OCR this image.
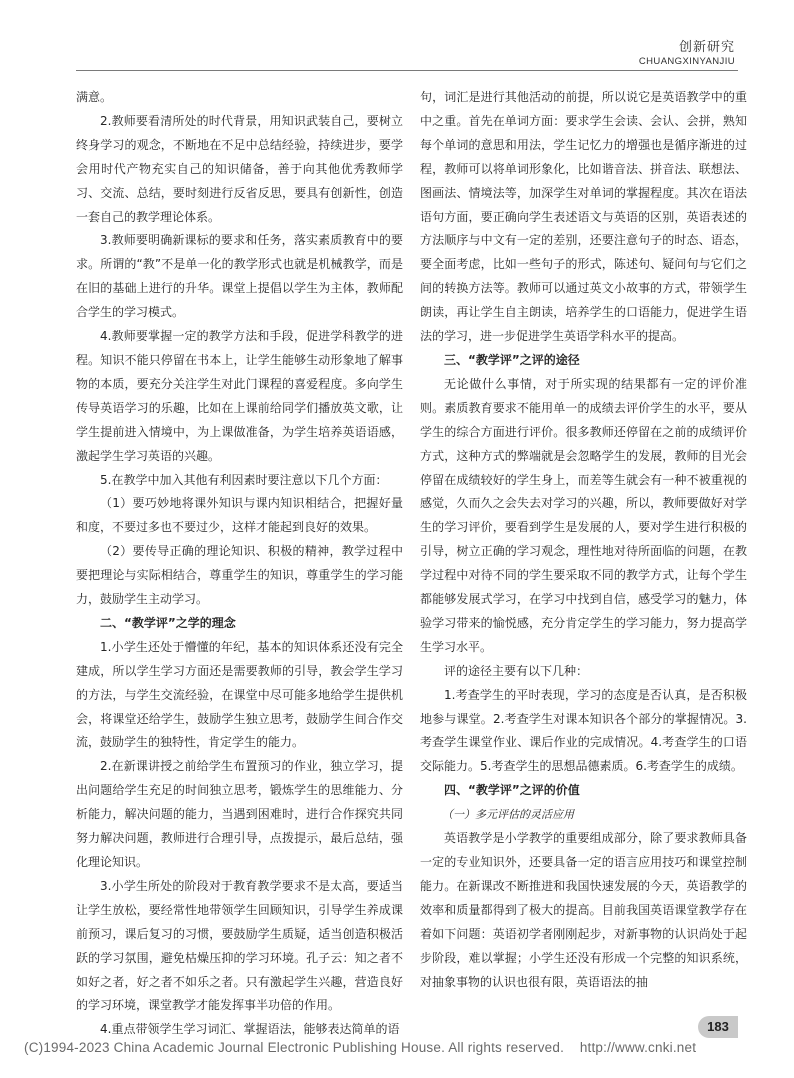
创新研究
CHUANGXINYANJIU

满意。

2.教师要看清所处的时代背景，用知识武装自己，要树立终身学习的观念，不断地在不足中总结经验，持续进步，要学会用时代产物充实自己的知识储备，善于向其他优秀教师学习、交流、总结，要时刻进行反省反思，要具有创新性，创造一套自己的教学理论体系。

3.教师要明确新课标的要求和任务，落实素质教育中的要求。所谓的“教”不是单一化的教学形式也就是机械教学，而是在旧的基础上进行的升华。课堂上提倡以学生为主体，教师配合学生的学习模式。

4.教师要掌握一定的教学方法和手段，促进学科教学的进程。知识不能只停留在书本上，让学生能够生动形象地了解事物的本质，要充分关注学生对此门课程的喜爱程度。多向学生传导英语学习的乐趣，比如在上课前给同学们播放英文歌，让学生提前进入情境中，为上课做准备，为学生培养英语语感，激起学生学习英语的兴趣。

5.在教学中加入其他有利因素时要注意以下几个方面：

（1）要巧妙地将课外知识与课内知识相结合，把握好量和度，不要过多也不要过少，这样才能起到良好的效果。

（2）要传导正确的理论知识、积极的精神，教学过程中要把理论与实际相结合，尊重学生的知识，尊重学生的学习能力，鼓励学生主动学习。

二、“教学评”之学的理念

1.小学生还处于懵懂的年纪，基本的知识体系还没有完全建成，所以学生学习方面还是需要教师的引导，教会学生学习的方法，与学生交流经验，在课堂中尽可能多地给学生提供机会，将课堂还给学生，鼓励学生独立思考，鼓励学生间合作交流，鼓励学生的独特性，肯定学生的能力。

2.在新课讲授之前给学生布置预习的作业，独立学习，提出问题给学生充足的时间独立思考，锻炼学生的思维能力、分析能力，解决问题的能力，当遇到困难时，进行合作探究共同努力解决问题，教师进行合理引导，点拨提示，最后总结，强化理论知识。

3.小学生所处的阶段对于教育教学要求不是太高，要适当让学生放松，要经常性地带领学生回顾知识，引导学生养成课前预习，课后复习的习惯，要鼓励学生质疑，适当创造积极活跃的学习氛围，避免枯燥压抑的学习环境。孔子云：知之者不如好之者，好之者不如乐之者。只有激起学生兴趣，营造良好的学习环境，课堂教学才能发挥事半功倍的作用。

4.重点带领学生学习词汇、掌握语法，能够表达简单的语

句，词汇是进行其他活动的前提，所以说它是英语教学中的重中之重。首先在单词方面：要求学生会读、会认、会拼，熟知每个单词的意思和用法，学生记忆力的增强也是循序渐进的过程，教师可以将单词形象化，比如谐音法、拼音法、联想法、图画法、情境法等，加深学生对单词的掌握程度。其次在语法语句方面，要正确向学生表述语文与英语的区别，英语表述的方法顺序与中文有一定的差别，还要注意句子的时态、语态，要全面考虑，比如一些句子的形式，陈述句、疑问句与它们之间的转换方法等。教师可以通过英文小故事的方式，带领学生朗读，再让学生自主朗读，培养学生的口语能力，促进学生语法的学习，进一步促进学生英语学科水平的提高。

三、“教学评”之评的途径

无论做什么事情，对于所实现的结果都有一定的评价准则。素质教育要求不能用单一的成绩去评价学生的水平，要从学生的综合方面进行评价。很多教师还停留在之前的成绩评价方式，这种方式的弊端就是会忽略学生的发展，教师的目光会停留在成绩较好的学生身上，而差等生就会有一种不被重视的感觉，久而久之会失去对学习的兴趣，所以，教师要做好对学生的学习评价，要看到学生是发展的人，要对学生进行积极的引导，树立正确的学习观念，理性地对待所面临的问题，在教学过程中对待不同的学生要采取不同的教学方式，让每个学生都能够发展式学习，在学习中找到自信，感受学习的魅力，体验学习带来的愉悦感，充分肯定学生的学习能力，努力提高学生学习水平。

评的途径主要有以下几种：

1.考查学生的平时表现，学习的态度是否认真，是否积极地参与课堂。2.考查学生对课本知识各个部分的掌握情况。3.考查学生课堂作业、课后作业的完成情况。4.考查学生的口语交际能力。5.考查学生的思想品德素质。6.考查学生的成绩。

四、“教学评”之评的价值
（一）多元评估的灵活应用

英语教学是小学教学的重要组成部分，除了要求教师具备一定的专业知识外，还要具备一定的语言应用技巧和课堂控制能力。在新课改不断推进和我国快速发展的今天，英语教学的效率和质量都得到了极大的提高。目前我国英语课堂教学存在着如下问题：英语初学者刚刚起步，对新事物的认识尚处于起步阶段，难以掌握；小学生还没有形成一个完整的知识系统，对抽象事物的认识也很有限，英语语法的抽

183
(C)1994-2023 China Academic Journal Electronic Publishing House. All rights reserved.    http://www.cnki.net
